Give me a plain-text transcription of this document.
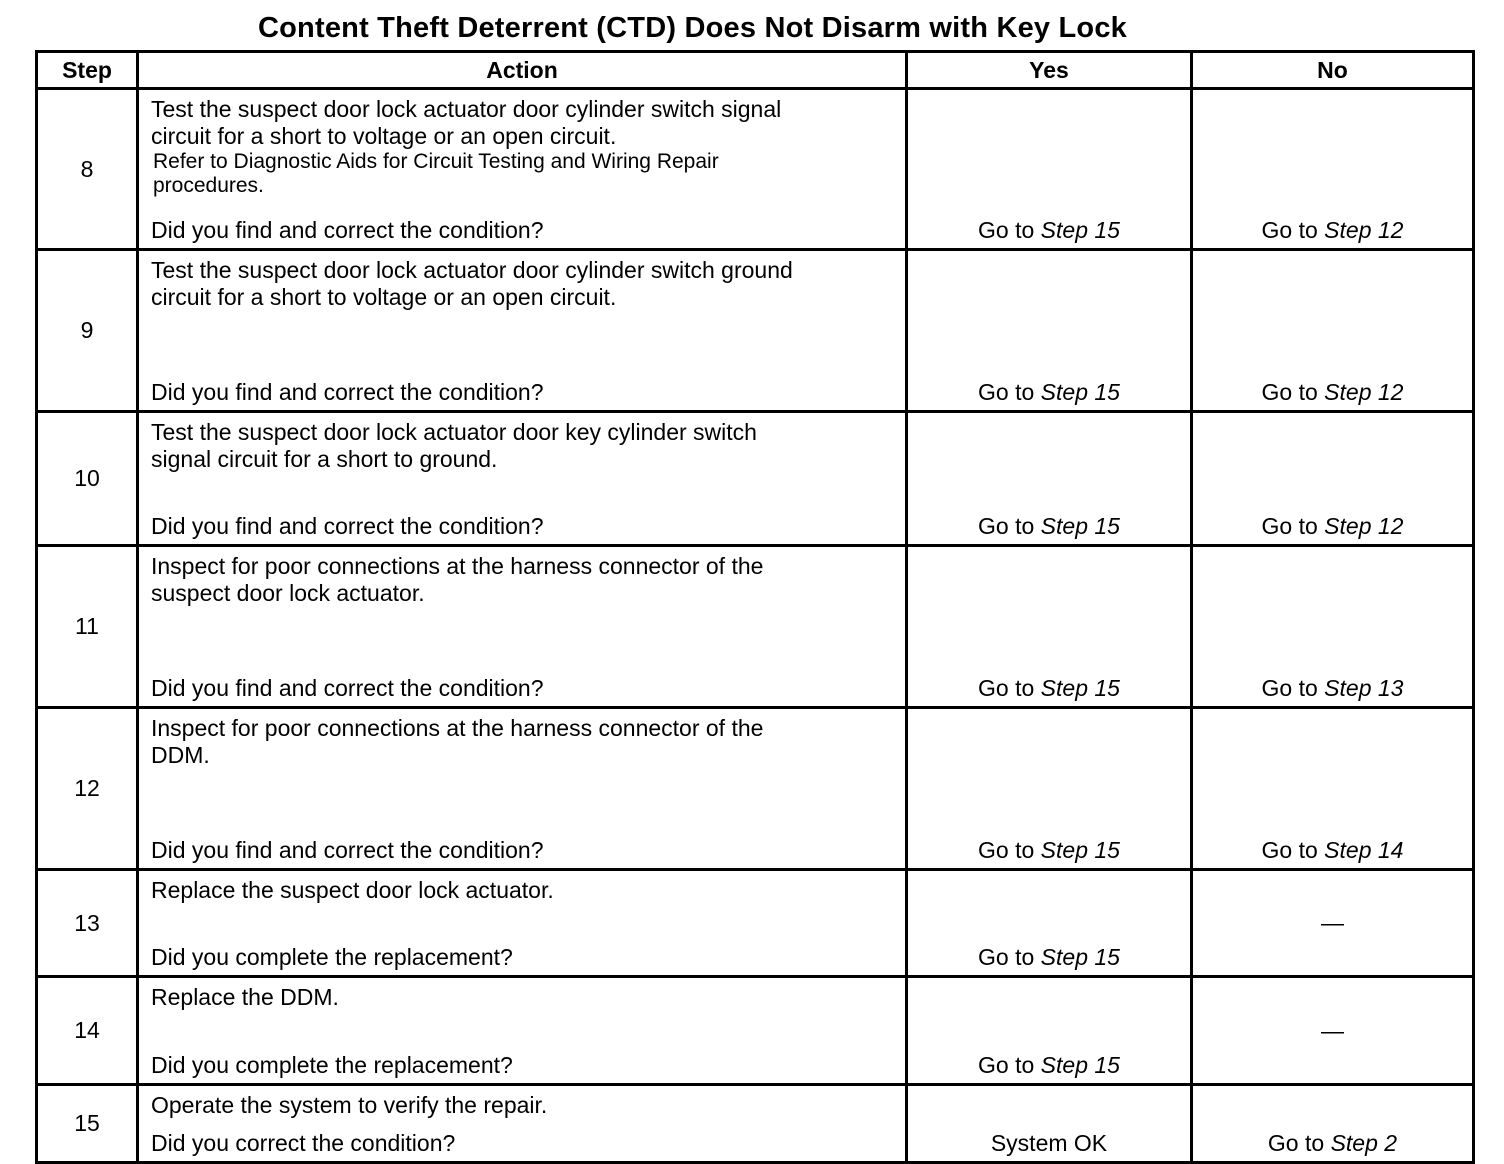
Content Theft Deterrent (CTD) Does Not Disarm with Key Lock
Step	Action	Yes	No
8	Test the suspect door lock actuator door cylinder switch signal
circuit for a short to voltage or an open circuit.
Refer to Diagnostic Aids for Circuit Testing and Wiring Repair
procedures.
Did you find and correct the condition?	Go to Step 15	Go to Step 12

9	Test the suspect door lock actuator door cylinder switch ground
circuit for a short to voltage or an open circuit.
Did you find and correct the condition?	Go to Step 15	Go to Step 12

10	Test the suspect door lock actuator door key cylinder switch
signal circuit for a short to ground.
Did you find and correct the condition?	Go to Step 15	Go to Step 12

11	Inspect for poor connections at the harness connector of the
suspect door lock actuator.
Did you find and correct the condition?	Go to Step 15	Go to Step 13

12	Inspect for poor connections at the harness connector of the
DDM.
Did you find and correct the condition?	Go to Step 15	Go to Step 14

13	Replace the suspect door lock actuator.
Did you complete the replacement?	Go to Step 15	—

14	Replace the DDM.
Did you complete the replacement?	Go to Step 15	—

15	Operate the system to verify the repair.
Did you correct the condition?	System OK	Go to Step 2
